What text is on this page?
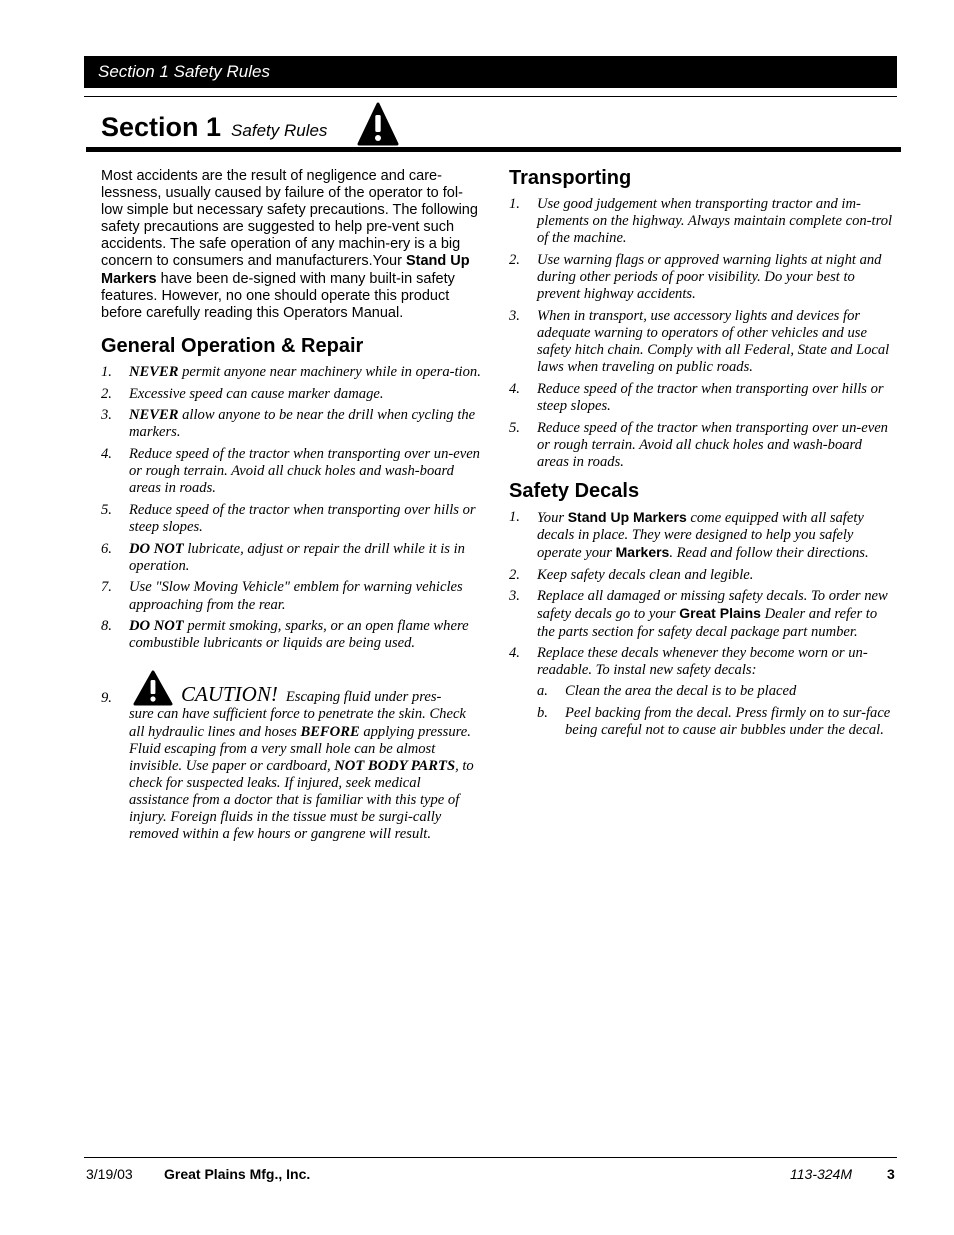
Section 1 Safety Rules
Section 1 Safety Rules

Most accidents are the result of negligence and care-lessness, usually caused by failure of the operator to fol-low simple but necessary safety precautions. The following safety precautions are suggested to help pre-vent such accidents. The safe operation of any machin-ery is a big concern to consumers and manufacturers.Your Stand Up Markers have been de-signed with many built-in safety features. However, no one should operate this product before carefully reading this Operators Manual.

General Operation & Repair
1. NEVER permit anyone near machinery while in opera-tion.
2. Excessive speed can cause marker damage.
3. NEVER allow anyone to be near the drill when cycling the markers.
4. Reduce speed of the tractor when transporting over un-even or rough terrain. Avoid all chuck holes and wash-board areas in roads.
5. Reduce speed of the tractor when transporting over hills or steep slopes.
6. DO NOT lubricate, adjust or repair the drill while it is in operation.
7. Use "Slow Moving Vehicle" emblem for warning vehicles approaching from the rear.
8. DO NOT permit smoking, sparks, or an open flame where combustible lubricants or liquids are being used.
9.	CAUTION! Escaping fluid under pres-
sure can have sufficient force to penetrate the skin. Check all hydraulic lines and hoses BEFORE applying pressure. Fluid escaping from a very small hole can be almost invisible. Use paper or cardboard, NOT BODY PARTS, to check for suspected leaks. If injured, seek medical assistance from a doctor that is familiar with this type of injury. Foreign fluids in the tissue must be surgi-cally removed within a few hours or gangrene will result.
Transporting
1. Use good judgement when transporting tractor and im-plements on the highway. Always maintain complete con-trol of the machine.
2. Use warning flags or approved warning lights at night and during other periods of poor visibility. Do your best to prevent highway accidents.
3. When in transport, use accessory lights and devices for adequate warning to operators of other vehicles and use safety hitch chain. Comply with all Federal, State and Local laws when traveling on public roads.
4. Reduce speed of the tractor when transporting over hills or steep slopes.
5. Reduce speed of the tractor when transporting over un-even or rough terrain. Avoid all chuck holes and wash-board areas in roads.
Safety Decals
1. Your Stand Up Markers come equipped with all safety decals in place. They were designed to help you safely operate your Markers. Read and follow their directions.
2. Keep safety decals clean and legible.
3. Replace all damaged or missing safety decals. To order new safety decals go to your Great Plains Dealer and refer to the parts section for safety decal package part number.
4. Replace these decals whenever they become worn or un-readable. To instal new safety decals:
a. Clean the area the decal is to be placed
b. Peel backing from the decal. Press firmly on to sur-face being careful not to cause air bubbles under the decal.
3/19/03 Great Plains Mfg., Inc.	113-324M 3
